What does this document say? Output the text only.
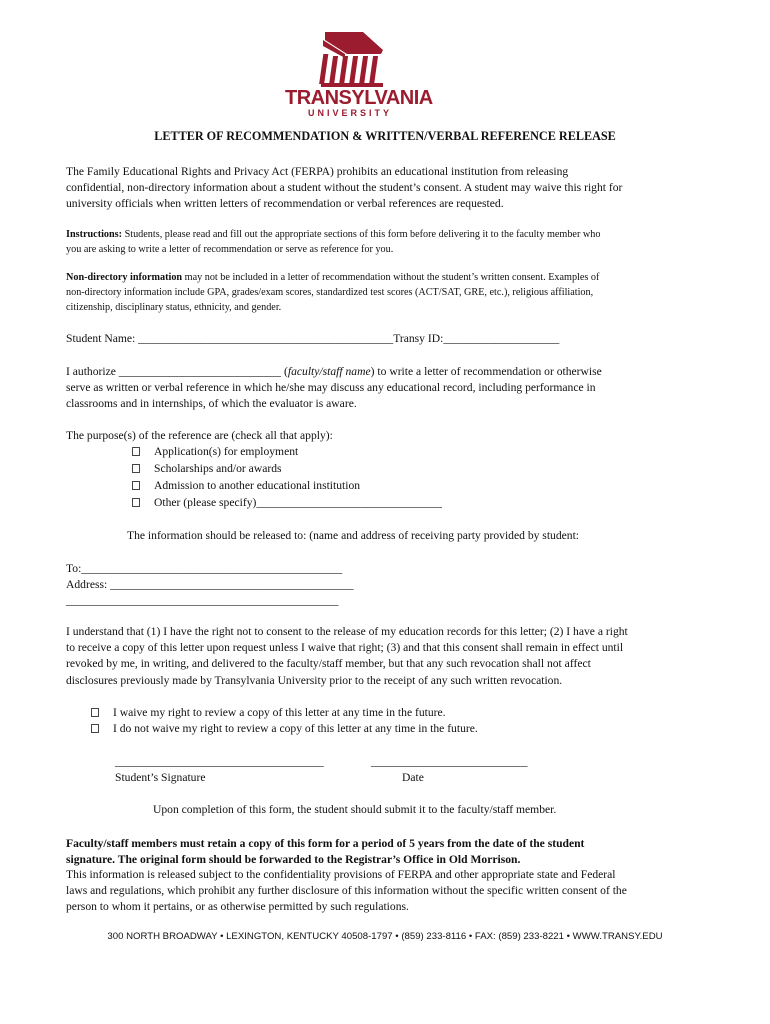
TRANSYLVANIA
UNIVERSITY
LETTER OF RECOMMENDATION & WRITTEN/VERBAL REFERENCE RELEASE
The Family Educational Rights and Privacy Act (FERPA) prohibits an educational institution from releasing
confidential, non-directory information about a student without the student’s consent. A student may waive this right for
university officials when written letters of recommendation or verbal references are requested.
Instructions: Students, please read and fill out the appropriate sections of this form before delivering it to the faculty member who
you are asking to write a letter of recommendation or serve as reference for you.
Non-directory information may not be included in a letter of recommendation without the student’s written consent. Examples of
non-directory information include GPA, grades/exam scores, standardized test scores (ACT/SAT, GRE, etc.), religious affiliation,
citizenship, disciplinary status, ethnicity, and gender.
Student Name: ____________________________________________Transy ID:____________________
I authorize ____________________________ (faculty/staff name) to write a letter of recommendation or otherwise
serve as written or verbal reference in which he/she may discuss any educational record, including performance in
classrooms and in internships, of which the evaluator is aware.
The purpose(s) of the reference are (check all that apply):
Application(s) for employment
Scholarships and/or awards
Admission to another educational institution
Other (please specify)________________________________
The information should be released to: (name and address of receiving party provided by student:
To:_____________________________________________
Address: __________________________________________
_______________________________________________
I understand that (1) I have the right not to consent to the release of my education records for this letter; (2) I have a right
to receive a copy of this letter upon request unless I waive that right; (3) and that this consent shall remain in effect until
revoked by me, in writing, and delivered to the faculty/staff member, but that any such revocation shall not affect
disclosures previously made by Transylvania University prior to the receipt of any such written revocation.
I waive my right to review a copy of this letter at any time in the future.
I do not waive my right to review a copy of this letter at any time in the future.
____________________________________
Student’s Signature
___________________________
Date
Upon completion of this form, the student should submit it to the faculty/staff member.
Faculty/staff members must retain a copy of this form for a period of 5 years from the date of the student
signature. The original form should be forwarded to the Registrar’s Office in Old Morrison.
This information is released subject to the confidentiality provisions of FERPA and other appropriate state and Federal
laws and regulations, which prohibit any further disclosure of this information without the specific written consent of the
person to whom it pertains, or as otherwise permitted by such regulations.
300 NORTH BROADWAY • LEXINGTON, KENTUCKY 40508-1797 • (859) 233-8116 • FAX: (859) 233-8221 • WWW.TRANSY.EDU
